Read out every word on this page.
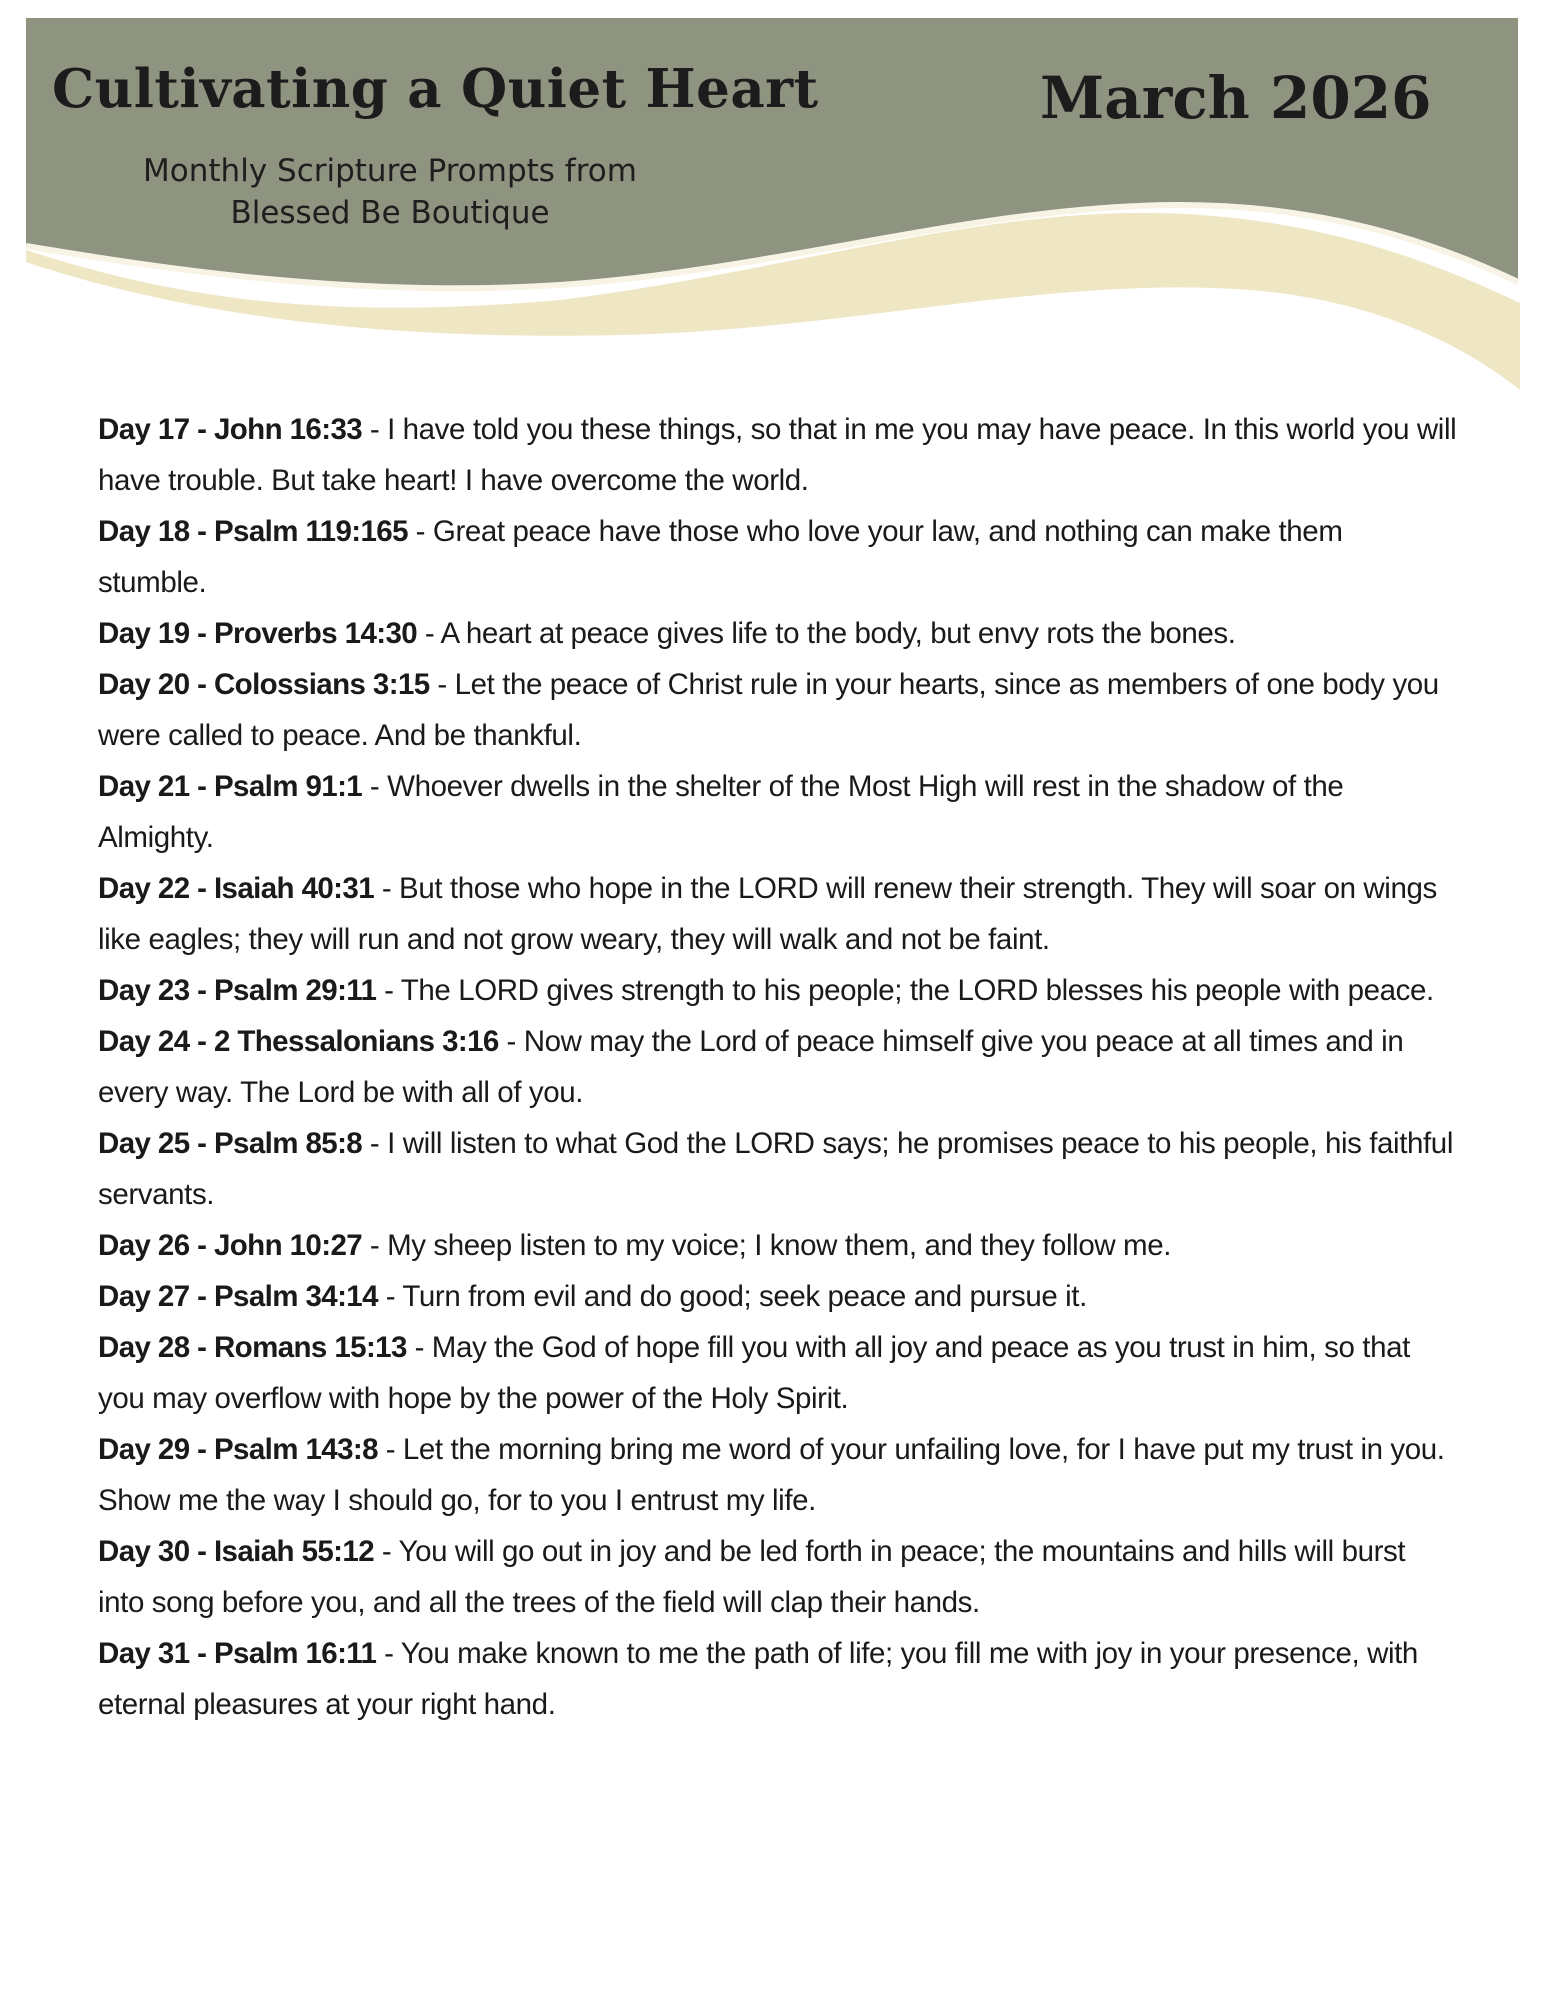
Cultivating a Quiet Heart	March 2026
Monthly Scripture Prompts from
Blessed Be Boutique
Day 17 - John 16:33 - I have told you these things, so that in me you may have peace. In this world you will have trouble. But take heart! I have overcome the world.
Day 18 - Psalm 119:165 - Great peace have those who love your law, and nothing can make them stumble.
Day 19 - Proverbs 14:30 - A heart at peace gives life to the body, but envy rots the bones.
Day 20 - Colossians 3:15 - Let the peace of Christ rule in your hearts, since as members of one body you were called to peace. And be thankful.
Day 21 - Psalm 91:1 - Whoever dwells in the shelter of the Most High will rest in the shadow of the Almighty.
Day 22 - Isaiah 40:31 - But those who hope in the LORD will renew their strength. They will soar on wings like eagles; they will run and not grow weary, they will walk and not be faint.
Day 23 - Psalm 29:11 - The LORD gives strength to his people; the LORD blesses his people with peace.
Day 24 - 2 Thessalonians 3:16 - Now may the Lord of peace himself give you peace at all times and in every way. The Lord be with all of you.
Day 25 - Psalm 85:8 - I will listen to what God the LORD says; he promises peace to his people, his faithful servants.
Day 26 - John 10:27 - My sheep listen to my voice; I know them, and they follow me.
Day 27 - Psalm 34:14 - Turn from evil and do good; seek peace and pursue it.
Day 28 - Romans 15:13 - May the God of hope fill you with all joy and peace as you trust in him, so that you may overflow with hope by the power of the Holy Spirit.
Day 29 - Psalm 143:8 - Let the morning bring me word of your unfailing love, for I have put my trust in you. Show me the way I should go, for to you I entrust my life.
Day 30 - Isaiah 55:12 - You will go out in joy and be led forth in peace; the mountains and hills will burst into song before you, and all the trees of the field will clap their hands.
Day 31 - Psalm 16:11 - You make known to me the path of life; you fill me with joy in your presence, with eternal pleasures at your right hand.
